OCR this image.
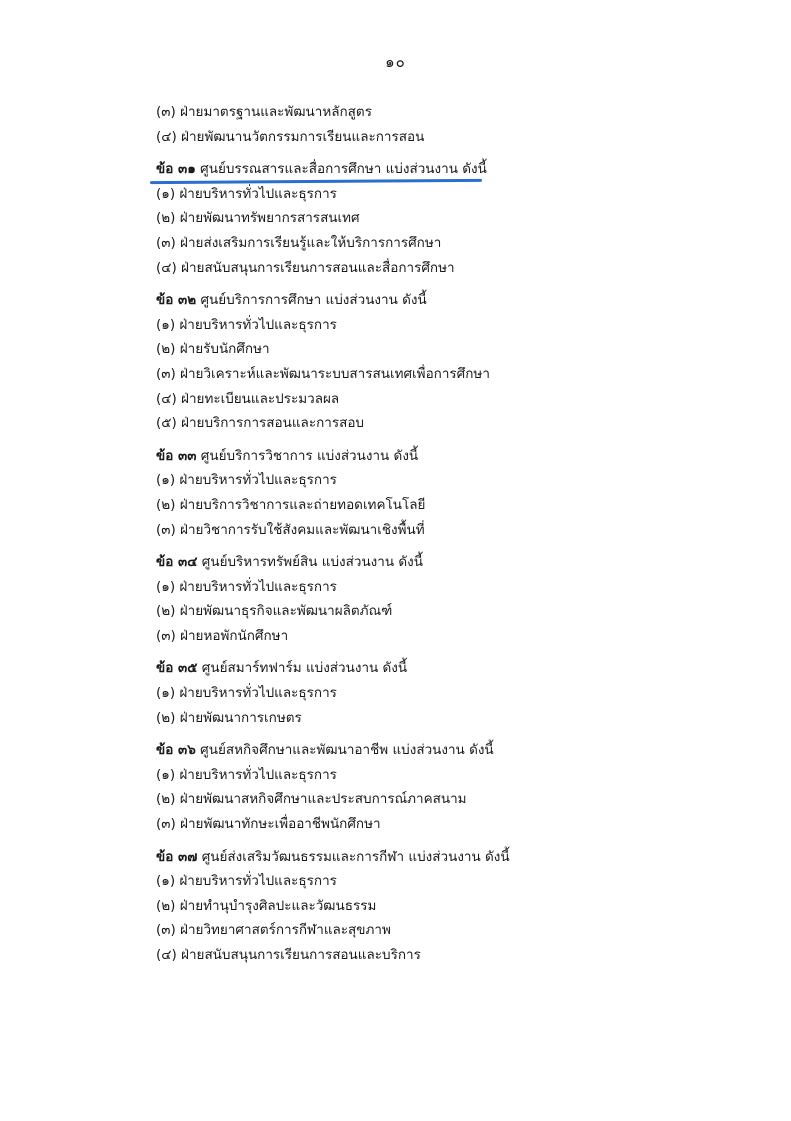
๑๐
(๓) ฝ่ายมาตรฐานและพัฒนาหลักสูตร
(๔) ฝ่ายพัฒนานวัตกรรมการเรียนและการสอน
ข้อ ๓๑ ศูนย์บรรณสารและสื่อการศึกษา แบ่งส่วนงาน ดังนี้
(๑) ฝ่ายบริหารทั่วไปและธุรการ
(๒) ฝ่ายพัฒนาทรัพยากรสารสนเทศ
(๓) ฝ่ายส่งเสริมการเรียนรู้และให้บริการการศึกษา
(๔) ฝ่ายสนับสนุนการเรียนการสอนและสื่อการศึกษา
ข้อ ๓๒ ศูนย์บริการการศึกษา แบ่งส่วนงาน ดังนี้
(๑) ฝ่ายบริหารทั่วไปและธุรการ
(๒) ฝ่ายรับนักศึกษา
(๓) ฝ่ายวิเคราะห์และพัฒนาระบบสารสนเทศเพื่อการศึกษา
(๔) ฝ่ายทะเบียนและประมวลผล
(๕) ฝ่ายบริการการสอนและการสอบ
ข้อ ๓๓ ศูนย์บริการวิชาการ แบ่งส่วนงาน ดังนี้
(๑) ฝ่ายบริหารทั่วไปและธุรการ
(๒) ฝ่ายบริการวิชาการและถ่ายทอดเทคโนโลยี
(๓) ฝ่ายวิชาการรับใช้สังคมและพัฒนาเชิงพื้นที่
ข้อ ๓๔ ศูนย์บริหารทรัพย์สิน แบ่งส่วนงาน ดังนี้
(๑) ฝ่ายบริหารทั่วไปและธุรการ
(๒) ฝ่ายพัฒนาธุรกิจและพัฒนาผลิตภัณฑ์
(๓) ฝ่ายหอพักนักศึกษา
ข้อ ๓๕ ศูนย์สมาร์ทฟาร์ม แบ่งส่วนงาน ดังนี้
(๑) ฝ่ายบริหารทั่วไปและธุรการ
(๒) ฝ่ายพัฒนาการเกษตร
ข้อ ๓๖ ศูนย์สหกิจศึกษาและพัฒนาอาชีพ แบ่งส่วนงาน ดังนี้
(๑) ฝ่ายบริหารทั่วไปและธุรการ
(๒) ฝ่ายพัฒนาสหกิจศึกษาและประสบการณ์ภาคสนาม
(๓) ฝ่ายพัฒนาทักษะเพื่ออาชีพนักศึกษา
ข้อ ๓๗ ศูนย์ส่งเสริมวัฒนธรรมและการกีฬา แบ่งส่วนงาน ดังนี้
(๑) ฝ่ายบริหารทั่วไปและธุรการ
(๒) ฝ่ายทำนุบำรุงศิลปะและวัฒนธรรม
(๓) ฝ่ายวิทยาศาสตร์การกีฬาและสุขภาพ
(๔) ฝ่ายสนับสนุนการเรียนการสอนและบริการ
